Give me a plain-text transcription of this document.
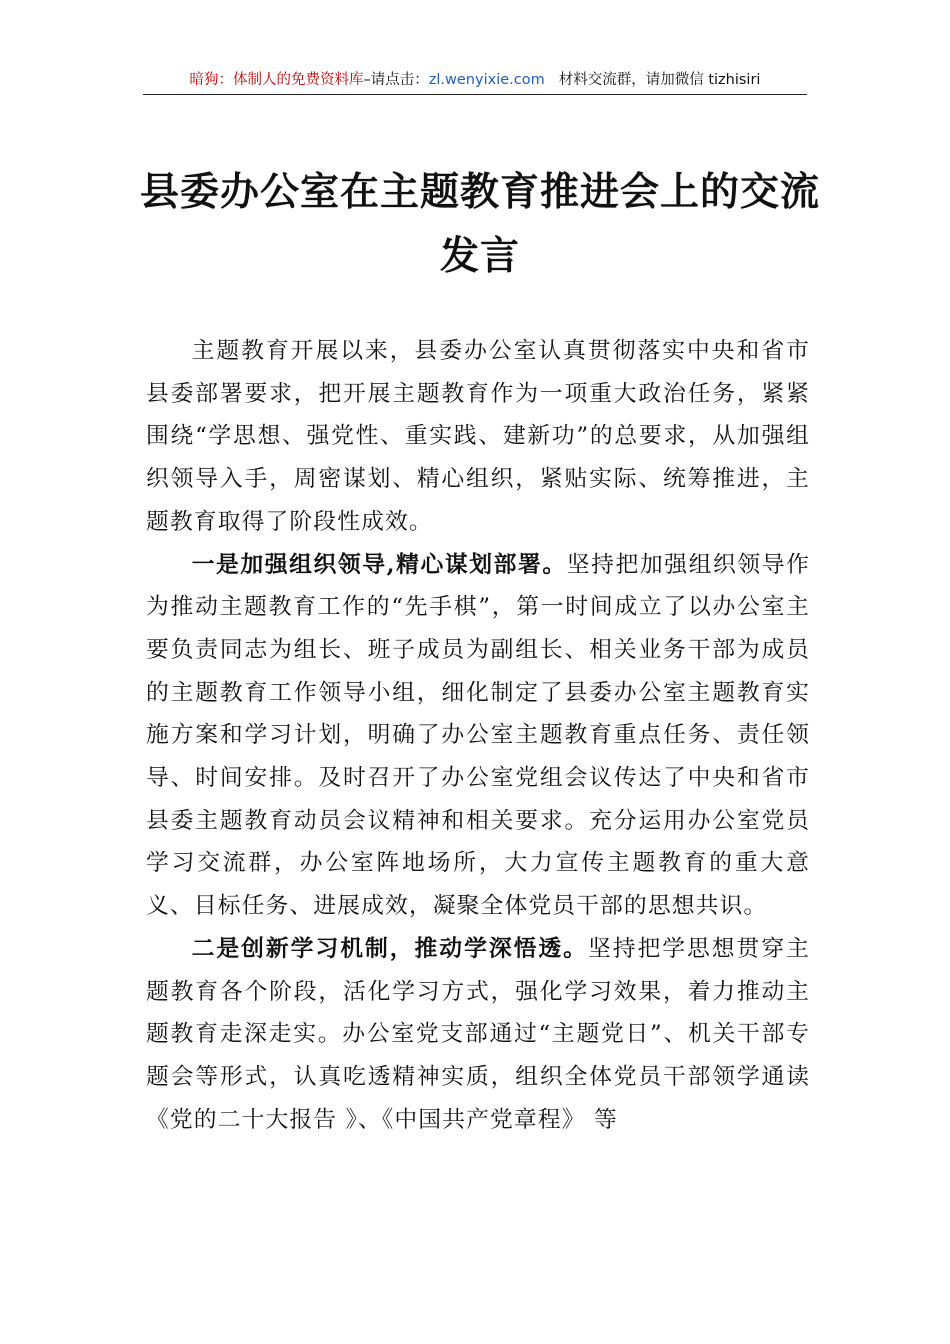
暗狗：体制人的免费资料库–请点击：zl.wenyixie.com 材料交流群，请加微信 tizhisiri
县委办公室在主题教育推进会上的交流发言

主题教育开展以来，县委办公室认真贯彻落实中央和省市县委部署要求，把开展主题教育作为一项重大政治任务，紧紧围绕“学思想、强党性、重实践、建新功”的总要求，从加强组织领导入手，周密谋划、精心组织，紧贴实际、统筹推进，主题教育取得了阶段性成效。

一是加强组织领导,精心谋划部署。坚持把加强组织领导作为推动主题教育工作的“先手棋”，第一时间成立了以办公室主要负责同志为组长、班子成员为副组长、相关业务干部为成员的主题教育工作领导小组，细化制定了县委办公室主题教育实施方案和学习计划，明确了办公室主题教育重点任务、责任领导、时间安排。及时召开了办公室党组会议传达了中央和省市县委主题教育动员会议精神和相关要求。充分运用办公室党员学习交流群，办公室阵地场所，大力宣传主题教育的重大意义、目标任务、进展成效，凝聚全体党员干部的思想共识。

二是创新学习机制，推动学深悟透。坚持把学思想贯穿主题教育各个阶段，活化学习方式，强化学习效果，着力推动主题教育走深走实。办公室党支部通过“主题党日”、机关干部专题会等形式，认真吃透精神实质，组织全体党员干部领学通读《党的二十大报告 》、《中国共产党章程》 等
